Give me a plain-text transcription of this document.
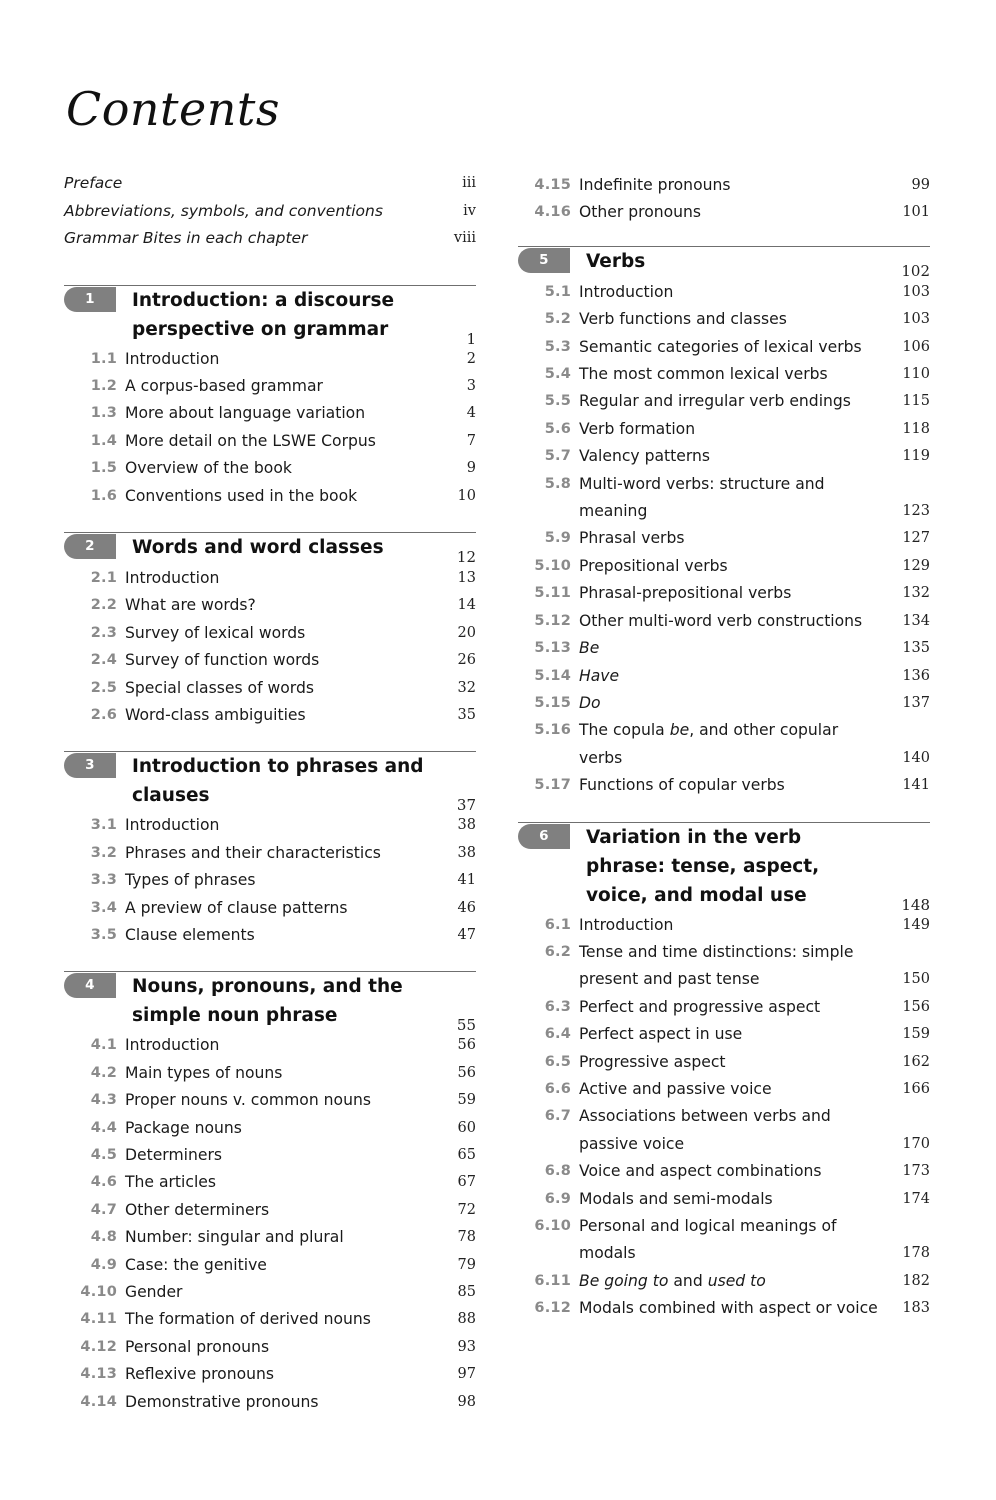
Contents
Preface	iii
Abbreviations, symbols, and conventions	iv
Grammar Bites in each chapter	viii
1	Introduction: a discourse perspective on grammar	1
1.1 Introduction	2
1.2 A corpus-based grammar	3
1.3 More about language variation	4
1.4 More detail on the LSWE Corpus	7
1.5 Overview of the book	9
1.6 Conventions used in the book	10
2	Words and word classes	12
2.1 Introduction	13
2.2 What are words?	14
2.3 Survey of lexical words	20
2.4 Survey of function words	26
2.5 Special classes of words	32
2.6 Word-class ambiguities	35
3	Introduction to phrases and clauses	37
3.1 Introduction	38
3.2 Phrases and their characteristics	38
3.3 Types of phrases	41
3.4 A preview of clause patterns	46
3.5 Clause elements	47
4	Nouns, pronouns, and the simple noun phrase	55
4.1 Introduction	56
4.2 Main types of nouns	56
4.3 Proper nouns v. common nouns	59
4.4 Package nouns	60
4.5 Determiners	65
4.6 The articles	67
4.7 Other determiners	72
4.8 Number: singular and plural	78
4.9 Case: the genitive	79
4.10 Gender	85
4.11 The formation of derived nouns	88
4.12 Personal pronouns	93
4.13 Reflexive pronouns	97
4.14 Demonstrative pronouns	98
4.15 Indefinite pronouns	99
4.16 Other pronouns	101
5	Verbs	102
5.1 Introduction	103
5.2 Verb functions and classes	103
5.3 Semantic categories of lexical verbs	106
5.4 The most common lexical verbs	110
5.5 Regular and irregular verb endings	115
5.6 Verb formation	118
5.7 Valency patterns	119
5.8 Multi-word verbs: structure and meaning	123
5.9 Phrasal verbs	127
5.10 Prepositional verbs	129
5.11 Phrasal-prepositional verbs	132
5.12 Other multi-word verb constructions	134
5.13 Be	135
5.14 Have	136
5.15 Do	137
5.16 The copula be, and other copular verbs	140
5.17 Functions of copular verbs	141
6	Variation in the verb phrase: tense, aspect, voice, and modal use	148
6.1 Introduction	149
6.2 Tense and time distinctions: simple present and past tense	150
6.3 Perfect and progressive aspect	156
6.4 Perfect aspect in use	159
6.5 Progressive aspect	162
6.6 Active and passive voice	166
6.7 Associations between verbs and passive voice	170
6.8 Voice and aspect combinations	173
6.9 Modals and semi-modals	174
6.10 Personal and logical meanings of modals	178
6.11 Be going to and used to	182
6.12 Modals combined with aspect or voice	183
